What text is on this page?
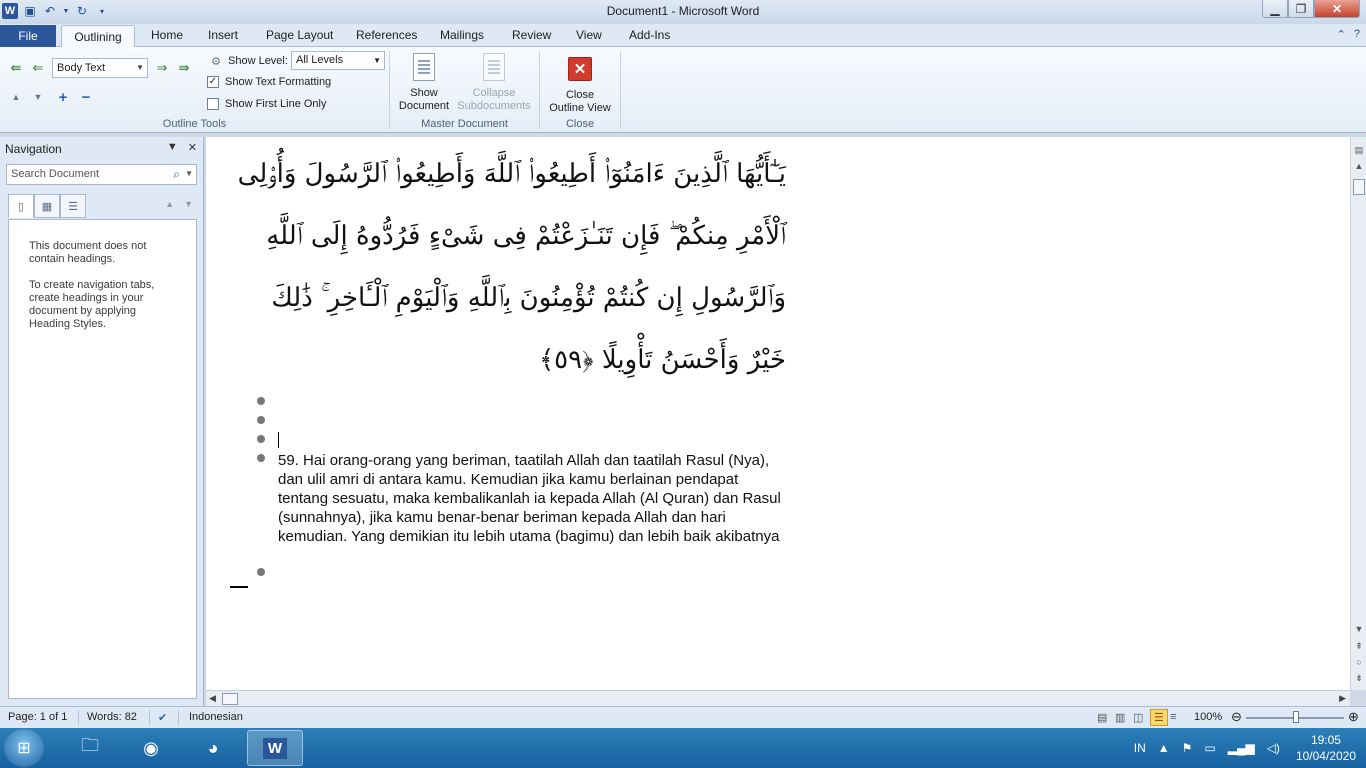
W ▣ ↶	▼ ↻	▾	Document1 - Microsoft Word	▁	❐	✕
File	Outlining	Home Insert Page Layout References Mailings Review View Add-Ins	⌃ ?
⇚ ⇐	Body Text	▼ ⇒ ⇛
▲	▼ + −
⚙ Show Level: All Levels	▼
✓ Show Text Formatting
Show First Line Only
Outline Tools
Show
Document
Collapse
Subdocuments
Master Document
✕
Close
Outline View
Close
Navigation	▼ ✕
Search Document	⌕ ▼
▯	▦	☰	▲ ▼

This document does not contain headings.

To create navigation tabs, create headings in your document by applying Heading Styles.

يَـٰٓأَيُّهَا ٱلَّذِينَ ءَامَنُوٓا۟ أَطِيعُوا۟ ٱللَّهَ وَأَطِيعُوا۟ ٱلرَّسُولَ وَأُو۟لِى ٱلْأَمْرِ مِنكُمْ ۖ فَإِن تَنَـٰزَعْتُمْ فِى شَىْءٍ فَرُدُّوهُ إِلَى ٱللَّهِ وَٱلرَّسُولِ إِن كُنتُمْ تُؤْمِنُونَ بِٱللَّهِ وَٱلْيَوْمِ ٱلْـَٔاخِرِ ۚ ذَٰلِكَ خَيْرٌ وَأَحْسَنُ تَأْوِيلًا ﴿٥٩﴾
59. Hai orang-orang yang beriman, taatilah Allah dan taatilah Rasul (Nya), dan ulil amri di antara kamu. Kemudian jika kamu berlainan pendapat tentang sesuatu, maka kembalikanlah ia kepada Allah (Al Quran) dan Rasul (sunnahnya), jika kamu benar-benar beriman kepada Allah dan hari kemudian. Yang demikian itu lebih utama (bagimu) dan lebih baik akibatnya
▤
▲
▼
⇞
○
⇟
◀	▶
Page: 1 of 1 Words: 82 ✔ Indonesian	▤ ▥ ◫ ☰ ≡ 100% ⊖	⊕
⊞	🗀	◉	◕	W	IN ▲ ⚑ ▭ ▂▄▆ ◁)
19:05
10/04/2020
